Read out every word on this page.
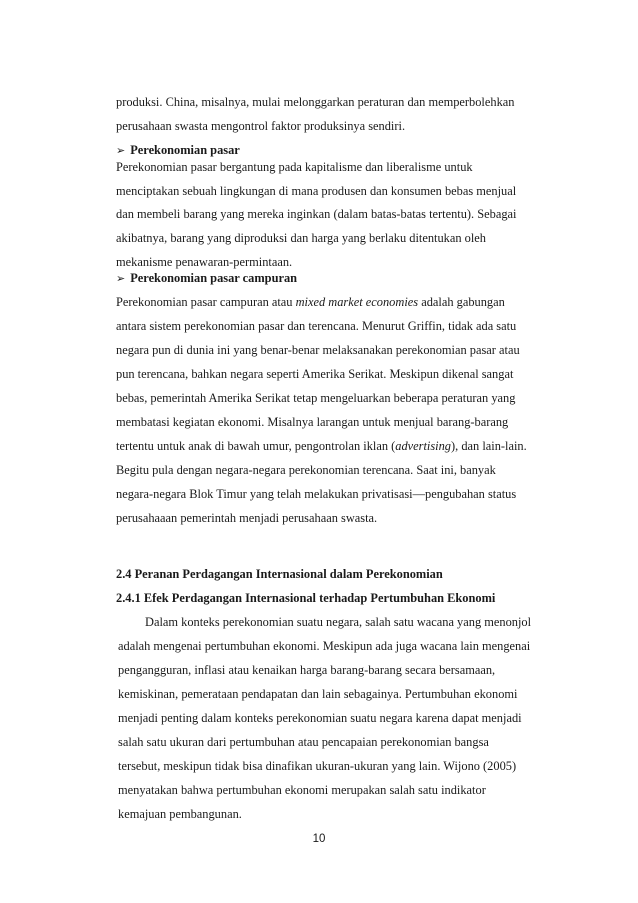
produksi. China, misalnya, mulai melonggarkan peraturan dan memperbolehkan
perusahaan swasta mengontrol faktor produksinya sendiri.
➢ Perekonomian pasar
Perekonomian pasar bergantung pada kapitalisme dan liberalisme untuk
menciptakan sebuah lingkungan di mana produsen dan konsumen bebas menjual
dan membeli barang yang mereka inginkan (dalam batas-batas tertentu). Sebagai
akibatnya, barang yang diproduksi dan harga yang berlaku ditentukan oleh
mekanisme penawaran-permintaan.
➢ Perekonomian pasar campuran
Perekonomian pasar campuran atau mixed market economies adalah gabungan
antara sistem perekonomian pasar dan terencana. Menurut Griffin, tidak ada satu
negara pun di dunia ini yang benar-benar melaksanakan perekonomian pasar atau
pun terencana, bahkan negara seperti Amerika Serikat. Meskipun dikenal sangat
bebas, pemerintah Amerika Serikat tetap mengeluarkan beberapa peraturan yang
membatasi kegiatan ekonomi. Misalnya larangan untuk menjual barang-barang
tertentu untuk anak di bawah umur, pengontrolan iklan (advertising), dan lain-lain.
Begitu pula dengan negara-negara perekonomian terencana. Saat ini, banyak
negara-negara Blok Timur yang telah melakukan privatisasi—pengubahan status
perusahaaan pemerintah menjadi perusahaan swasta.
2.4 Peranan Perdagangan Internasional dalam Perekonomian
2.4.1 Efek Perdagangan Internasional terhadap Pertumbuhan Ekonomi
Dalam konteks perekonomian suatu negara, salah satu wacana yang menonjol
adalah mengenai pertumbuhan ekonomi. Meskipun ada juga wacana lain mengenai
pengangguran, inflasi atau kenaikan harga barang-barang secara bersamaan,
kemiskinan, pemerataan pendapatan dan lain sebagainya. Pertumbuhan ekonomi
menjadi penting dalam konteks perekonomian suatu negara karena dapat menjadi
salah satu ukuran dari pertumbuhan atau pencapaian perekonomian bangsa
tersebut, meskipun tidak bisa dinafikan ukuran-ukuran yang lain. Wijono (2005)
menyatakan bahwa pertumbuhan ekonomi merupakan salah satu indikator
kemajuan pembangunan.
10
